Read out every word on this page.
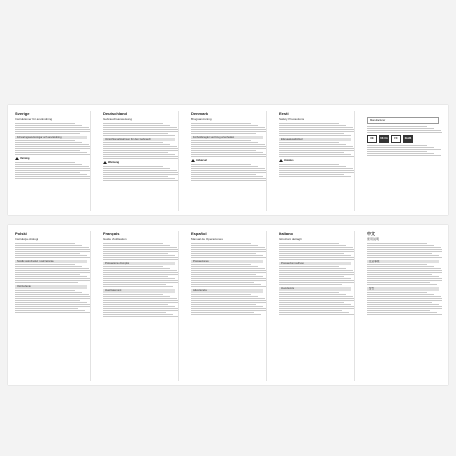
Sverige
Instruktioner för användning
Förvaringsanvisningar och användning
Varning
Deutschland
Gebrauchsanweisung
Vorsichtsmaßnahmen für den Gebrauch
Warnung
Denmark
Brugsanvisning
Forholdsregler ved brug af enheden
Advarsel
Eesti
Safety Precautions
Ettevaatusabinõud
Hoiatus
Manufacturer
CE	UK CA	FC	RoHS
Polski
Instrukcja obsługi
Środki ostrożności i ostrzeżenia
Ostrzeżenie
Français
Guide d'utilisation
Précautions d'emploi
Avertissement
Español
Manual de Operaciones
Precauciones
Advertencia
Italiano
Istruzioni dettagli
Precauzioni sull'uso
Avvertenza
中文
使用说明
注意事项
警告
